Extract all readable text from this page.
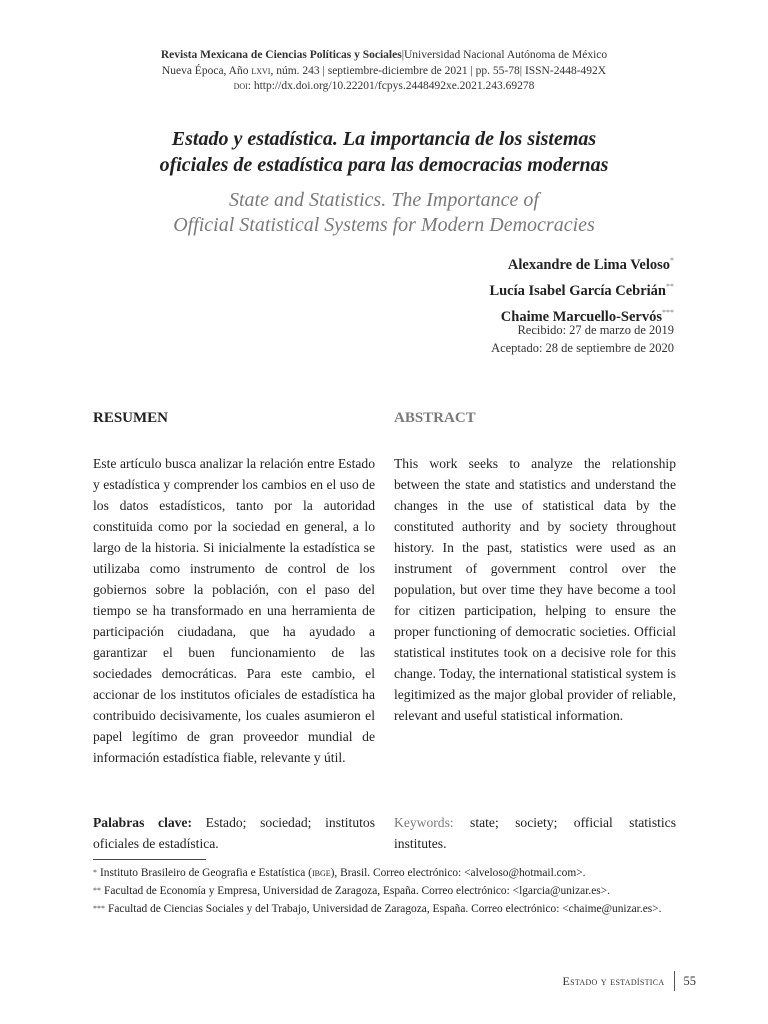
Revista Mexicana de Ciencias Políticas y Sociales|Universidad Nacional Autónoma de México
Nueva Época, Año lxvi, núm. 243 | septiembre-diciembre de 2021 | pp. 55-78| ISSN-2448-492X
doi: http://dx.doi.org/10.22201/fcpys.2448492xe.2021.243.69278
Estado y estadística. La importancia de los sistemas
oficiales de estadística para las democracias modernas
State and Statistics. The Importance of
Official Statistical Systems for Modern Democracies
Alexandre de Lima Veloso*
Lucía Isabel García Cebrián**
Chaime Marcuello-Servós***
Recibido: 27 de marzo de 2019
Aceptado: 28 de septiembre de 2020
RESUMEN	ABSTRACT
Este artículo busca analizar la relación entre Estado y estadística y comprender los cambios en el uso de los datos estadísticos, tanto por la autoridad constituida como por la sociedad en general, a lo largo de la historia. Si inicialmente la estadística se utilizaba como instrumento de control de los gobiernos sobre la población, con el paso del tiempo se ha transformado en una herramienta de participación ciudadana, que ha ayudado a garantizar el buen funcionamiento de las sociedades democráticas. Para este cambio, el accionar de los institutos oficiales de estadística ha contribuido decisivamente, los cuales asumieron el papel legítimo de gran proveedor mundial de información estadística fiable, relevante y útil.
This work seeks to analyze the relationship between the state and statistics and understand the changes in the use of statistical data by the constituted authority and by society throughout history. In the past, statistics were used as an instrument of government control over the population, but over time they have become a tool for citizen participation, helping to ensure the proper functioning of democratic societies. Official statistical institutes took on a decisive role for this change. Today, the international statistical system is legitimized as the major global provider of reliable, relevant and useful statistical information.
Palabras clave: Estado; sociedad; institutos oficiales de estadística.
Keywords: state; society; official statistics institutes.

* Instituto Brasileiro de Geografia e Estatística (ibge), Brasil. Correo electrónico: <alveloso@hotmail.com>.

** Facultad de Economía y Empresa, Universidad de Zaragoza, España. Correo electrónico: <lgarcia@unizar.es>.

*** Facultad de Ciencias Sociales y del Trabajo, Universidad de Zaragoza, España. Correo electrónico: <chaime@unizar.es>.

Estado y estadística 55
